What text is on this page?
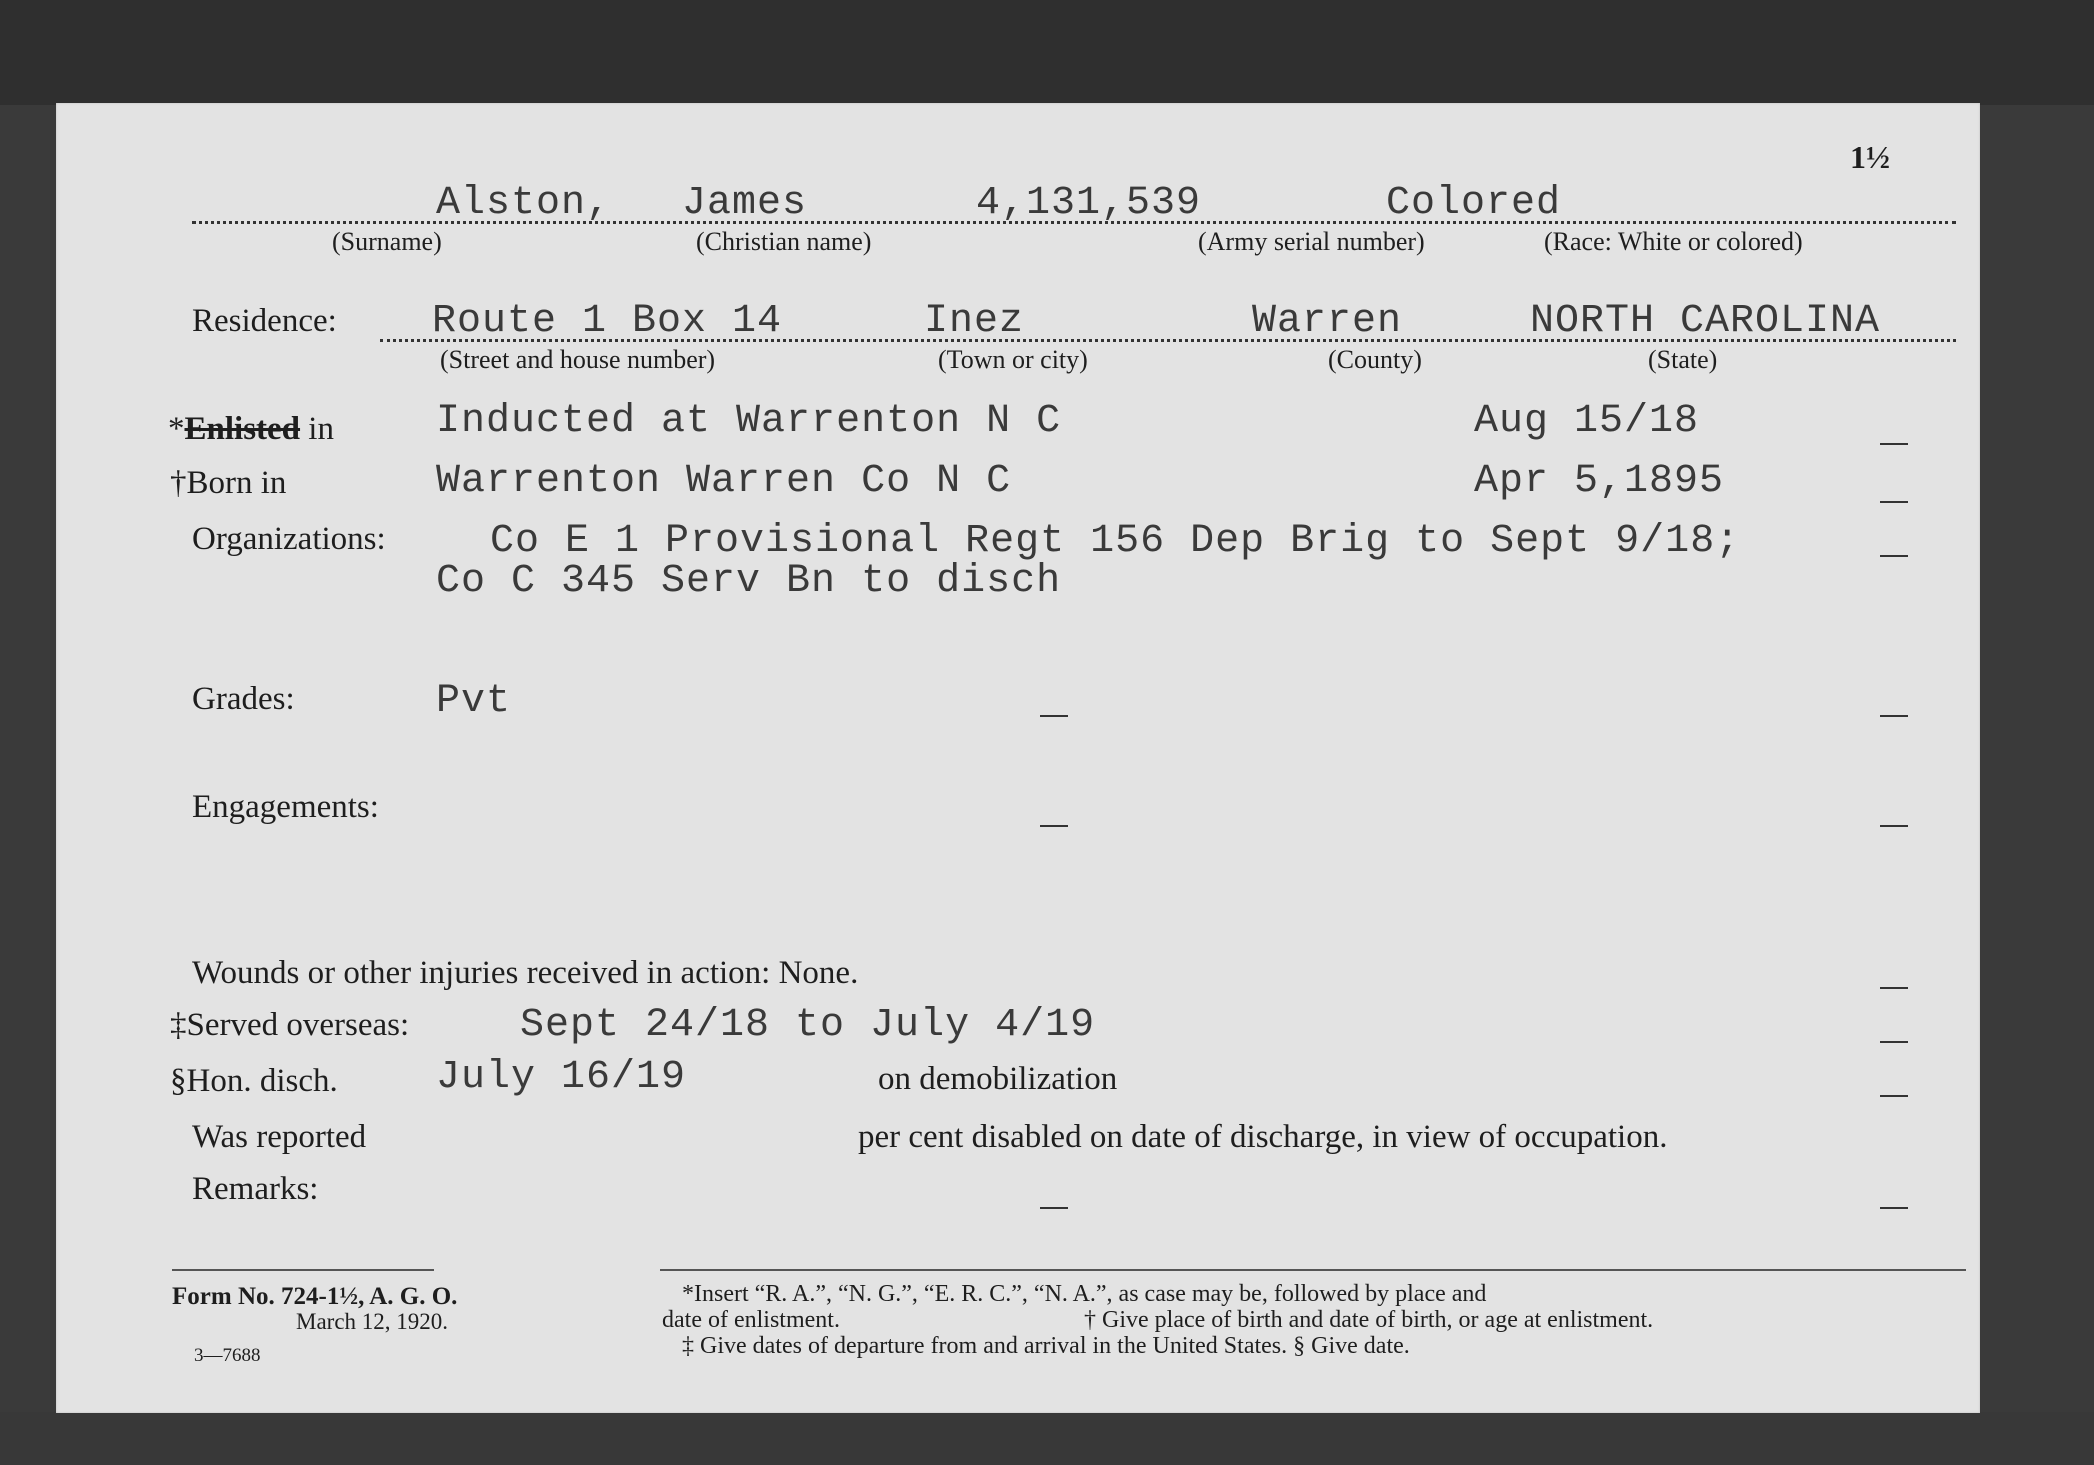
1½
Alston, James	4,131,539	Colored
(Surname)	(Christian name)	(Army serial number)	(Race: White or colored)
Residence: Route 1 Box 14	Inez	Warren	NORTH CAROLINA
(Street and house number)	(Town or city)	(County)	(State)
*Enlisted in	Inducted at Warrenton N C	Aug 15/18
†Born in	Warrenton Warren Co N C	Apr 5,1895
Organizations:	Co E 1 Provisional Regt 156 Dep Brig to Sept 9/18;
Co C 345 Serv Bn to disch
Grades:	Pvt
Engagements:
Wounds or other injuries received in action: None.
‡Served overseas:	Sept 24/18 to July 4/19
§Hon. disch. July 16/19	on demobilization
Was reported	per cent disabled on date of discharge, in view of occupation.
Remarks:
Form No. 724-1½, A. G. O.
March 12, 1920.
3—7688
*Insert “R. A.”, “N. G.”, “E. R. C.”, “N. A.”, as case may be, followed by place and
date of enlistment.	† Give place of birth and date of birth, or age at enlistment.
‡ Give dates of departure from and arrival in the United States. § Give date.
